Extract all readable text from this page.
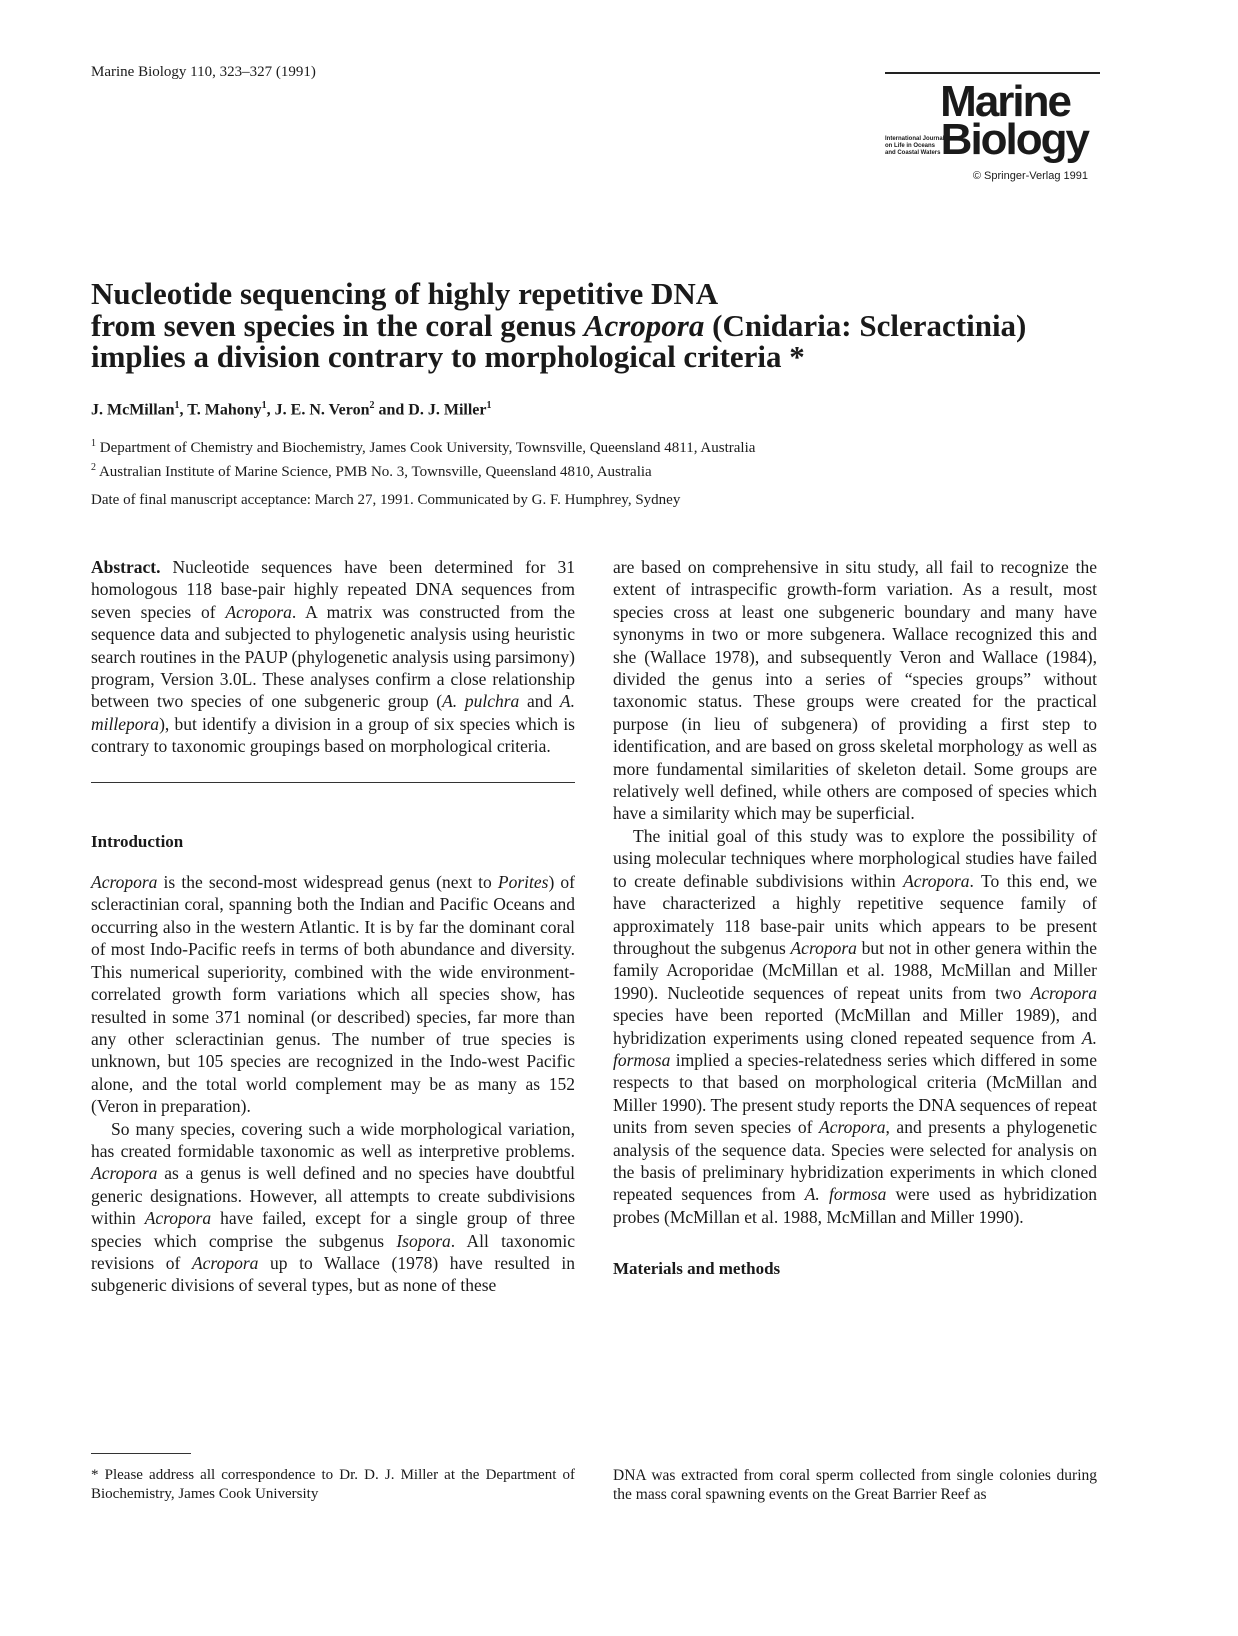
Marine Biology 110, 323–327 (1991)
Marine
Biology
International Journal
on Life in Oceans
and Coastal Waters
© Springer-Verlag 1991
Nucleotide sequencing of highly repetitive DNA
from seven species in the coral genus Acropora (Cnidaria: Scleractinia)
implies a division contrary to morphological criteria *
J. McMillan$^1$, T. Mahony$^1$, J. E. N. Veron$^2$ and D. J. Miller$^1$
$^1$ Department of Chemistry and Biochemistry, James Cook University, Townsville, Queensland 4811, Australia
$^2$ Australian Institute of Marine Science, PMB No. 3, Townsville, Queensland 4810, Australia
Date of final manuscript acceptance: March 27, 1991. Communicated by G. F. Humphrey, Sydney

Abstract. Nucleotide sequences have been determined for 31 homologous 118 base-pair highly repeated DNA sequences from seven species of Acropora. A matrix was constructed from the sequence data and subjected to phylogenetic analysis using heuristic search routines in the PAUP (phylogenetic analysis using parsimony) program, Version 3.0L. These analyses confirm a close relationship between two species of one subgeneric group (A. pulchra and A. millepora), but identify a division in a group of six species which is contrary to taxonomic groupings based on morphological criteria.

Introduction

Acropora is the second-most widespread genus (next to Porites) of scleractinian coral, spanning both the Indian and Pacific Oceans and occurring also in the western Atlantic. It is by far the dominant coral of most Indo-Pacific reefs in terms of both abundance and diversity. This numerical superiority, combined with the wide environment-correlated growth form variations which all species show, has resulted in some 371 nominal (or described) species, far more than any other scleractinian genus. The number of true species is unknown, but 105 species are recognized in the Indo-west Pacific alone, and the total world complement may be as many as 152 (Veron in preparation).

So many species, covering such a wide morphological variation, has created formidable taxonomic as well as interpretive problems. Acropora as a genus is well defined and no species have doubtful generic designations. However, all attempts to create subdivisions within Acropora have failed, except for a single group of three species which comprise the subgenus Isopora. All taxonomic revisions of Acropora up to Wallace (1978) have resulted in subgeneric divisions of several types, but as none of these

* Please address all correspondence to Dr. D. J. Miller at the Department of Biochemistry, James Cook University

are based on comprehensive in situ study, all fail to recognize the extent of intraspecific growth-form variation. As a result, most species cross at least one subgeneric boundary and many have synonyms in two or more subgenera. Wallace recognized this and she (Wallace 1978), and subsequently Veron and Wallace (1984), divided the genus into a series of “species groups” without taxonomic status. These groups were created for the practical purpose (in lieu of subgenera) of providing a first step to identification, and are based on gross skeletal morphology as well as more fundamental similarities of skeleton detail. Some groups are relatively well defined, while others are composed of species which have a similarity which may be superficial.

The initial goal of this study was to explore the possibility of using molecular techniques where morphological studies have failed to create definable subdivisions within Acropora. To this end, we have characterized a highly repetitive sequence family of approximately 118 base-pair units which appears to be present throughout the subgenus Acropora but not in other genera within the family Acroporidae (McMillan et al. 1988, McMillan and Miller 1990). Nucleotide sequences of repeat units from two Acropora species have been reported (McMillan and Miller 1989), and hybridization experiments using cloned repeated sequence from A. formosa implied a species-relatedness series which differed in some respects to that based on morphological criteria (McMillan and Miller 1990). The present study reports the DNA sequences of repeat units from seven species of Acropora, and presents a phylogenetic analysis of the sequence data. Species were selected for analysis on the basis of preliminary hybridization experiments in which cloned repeated sequences from A. formosa were used as hybridization probes (McMillan et al. 1988, McMillan and Miller 1990).

Materials and methods

DNA was extracted from coral sperm collected from single colonies during the mass coral spawning events on the Great Barrier Reef as
